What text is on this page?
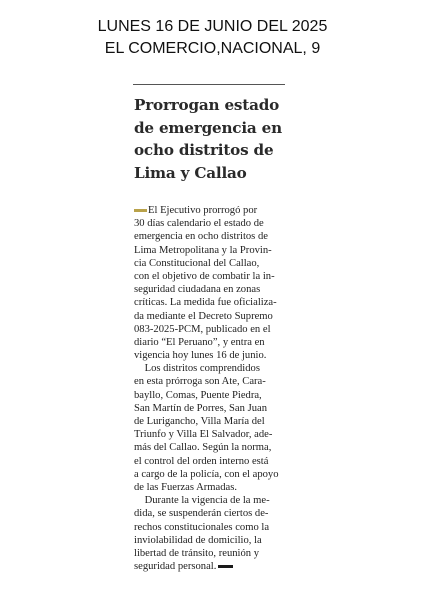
LUNES 16 DE JUNIO DEL 2025
EL COMERCIO,NACIONAL, 9
Prorrogan estado
de emergencia en
ocho distritos de
Lima y Callao
El Ejecutivo prorrogó por
30 días calendario el estado de
emergencia en ocho distritos de
Lima Metropolitana y la Provin-
cia Constitucional del Callao,
con el objetivo de combatir la in-
seguridad ciudadana en zonas
críticas. La medida fue oficializa-
da mediante el Decreto Supremo
083-2025-PCM, publicado en el
diario “El Peruano”, y entra en
vigencia hoy lunes 16 de junio.
 Los distritos comprendidos
en esta prórroga son Ate, Cara-
bayllo, Comas, Puente Piedra,
San Martín de Porres, San Juan
de Lurigancho, Villa María del
Triunfo y Villa El Salvador, ade-
más del Callao. Según la norma,
el control del orden interno está
a cargo de la policía, con el apoyo
de las Fuerzas Armadas.
 Durante la vigencia de la me-
dida, se suspenderán ciertos de-
rechos constitucionales como la
inviolabilidad de domicilio, la
libertad de tránsito, reunión y
seguridad personal.
